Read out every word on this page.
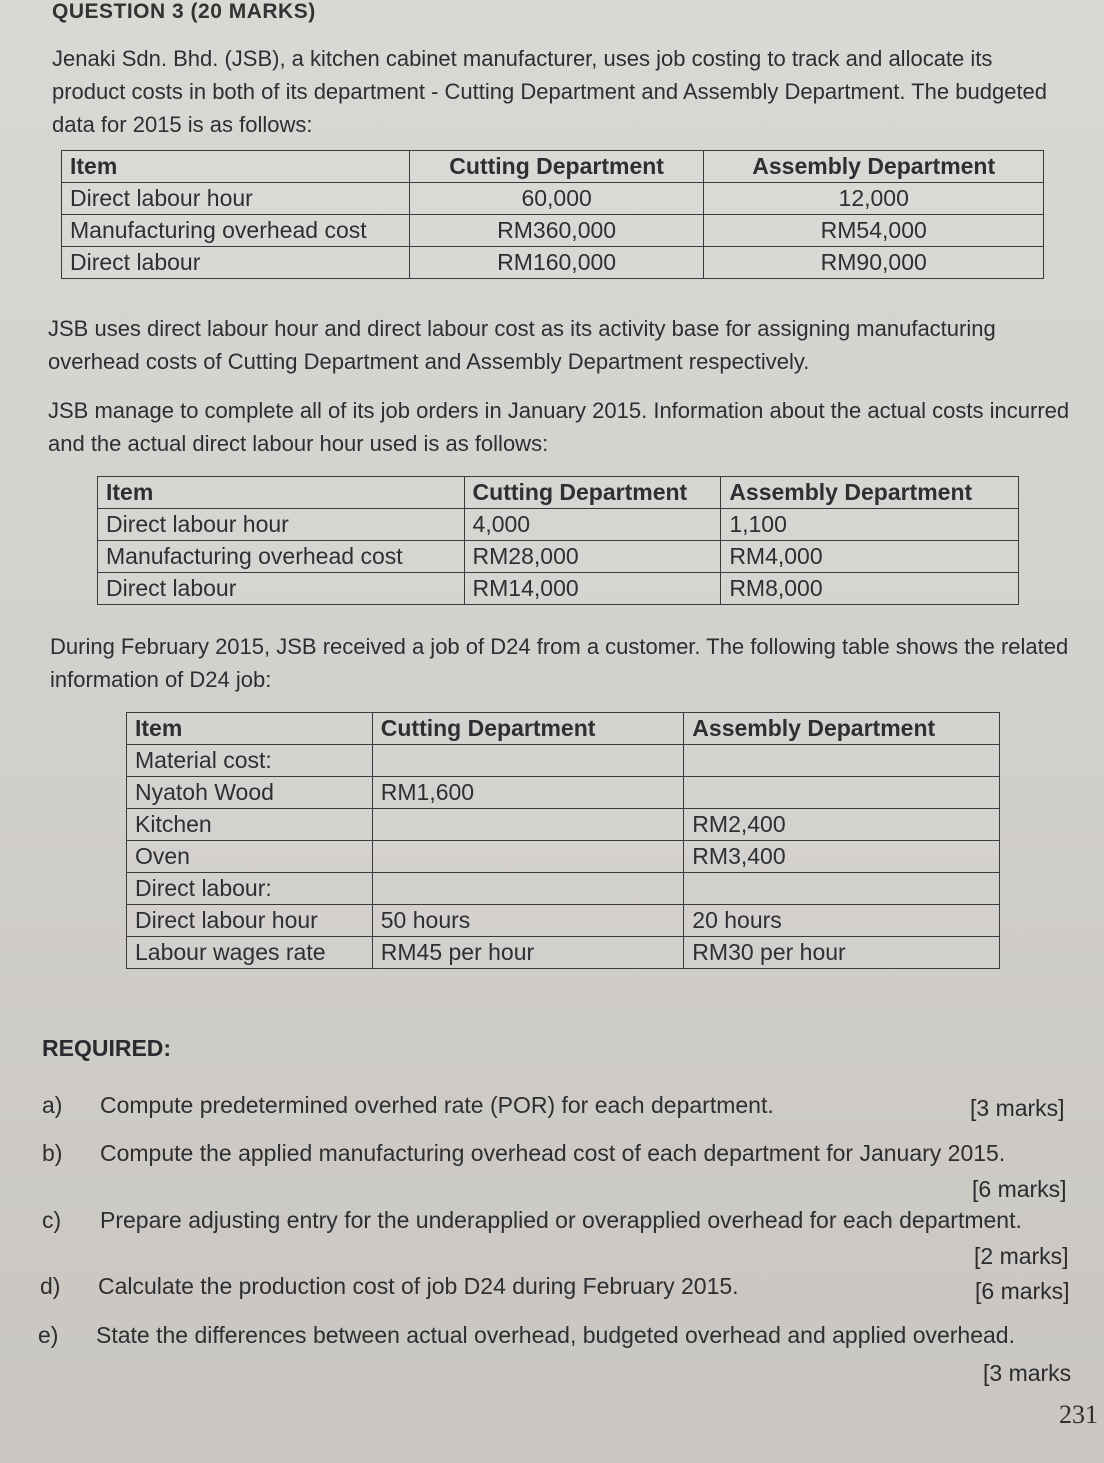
QUESTION 3 (20 MARKS)

Jenaki Sdn. Bhd. (JSB), a kitchen cabinet manufacturer, uses job costing to track and allocate its product costs in both of its department - Cutting Department and Assembly Department. The budgeted data for 2015 is as follows:

Item	Cutting Department	Assembly Department
Direct labour hour	60,000	12,000
Manufacturing overhead cost	RM360,000	RM54,000
Direct labour	RM160,000	RM90,000

JSB uses direct labour hour and direct labour cost as its activity base for assigning manufacturing overhead costs of Cutting Department and Assembly Department respectively.

JSB manage to complete all of its job orders in January 2015. Information about the actual costs incurred and the actual direct labour hour used is as follows:

Item	Cutting Department	Assembly Department
Direct labour hour	4,000	1,100
Manufacturing overhead cost	RM28,000	RM4,000
Direct labour	RM14,000	RM8,000

During February 2015, JSB received a job of D24 from a customer. The following table shows the related information of D24 job:

Item	Cutting Department	Assembly Department
Material cost:		
Nyatoh Wood	RM1,600	
Kitchen		RM2,400
Oven		RM3,400
Direct labour:		
Direct labour hour	50 hours	20 hours
Labour wages rate	RM45 per hour	RM30 per hour
REQUIRED:
a) Compute predetermined overhed rate (POR) for each department.	[3 marks]
b) Compute the applied manufacturing overhead cost of each department for January 2015.
[6 marks]
c) Prepare adjusting entry for the underapplied or overapplied overhead for each department.
[2 marks]
d) Calculate the production cost of job D24 during February 2015.	[6 marks]
e) State the differences between actual overhead, budgeted overhead and applied overhead.
[3 marks
231
